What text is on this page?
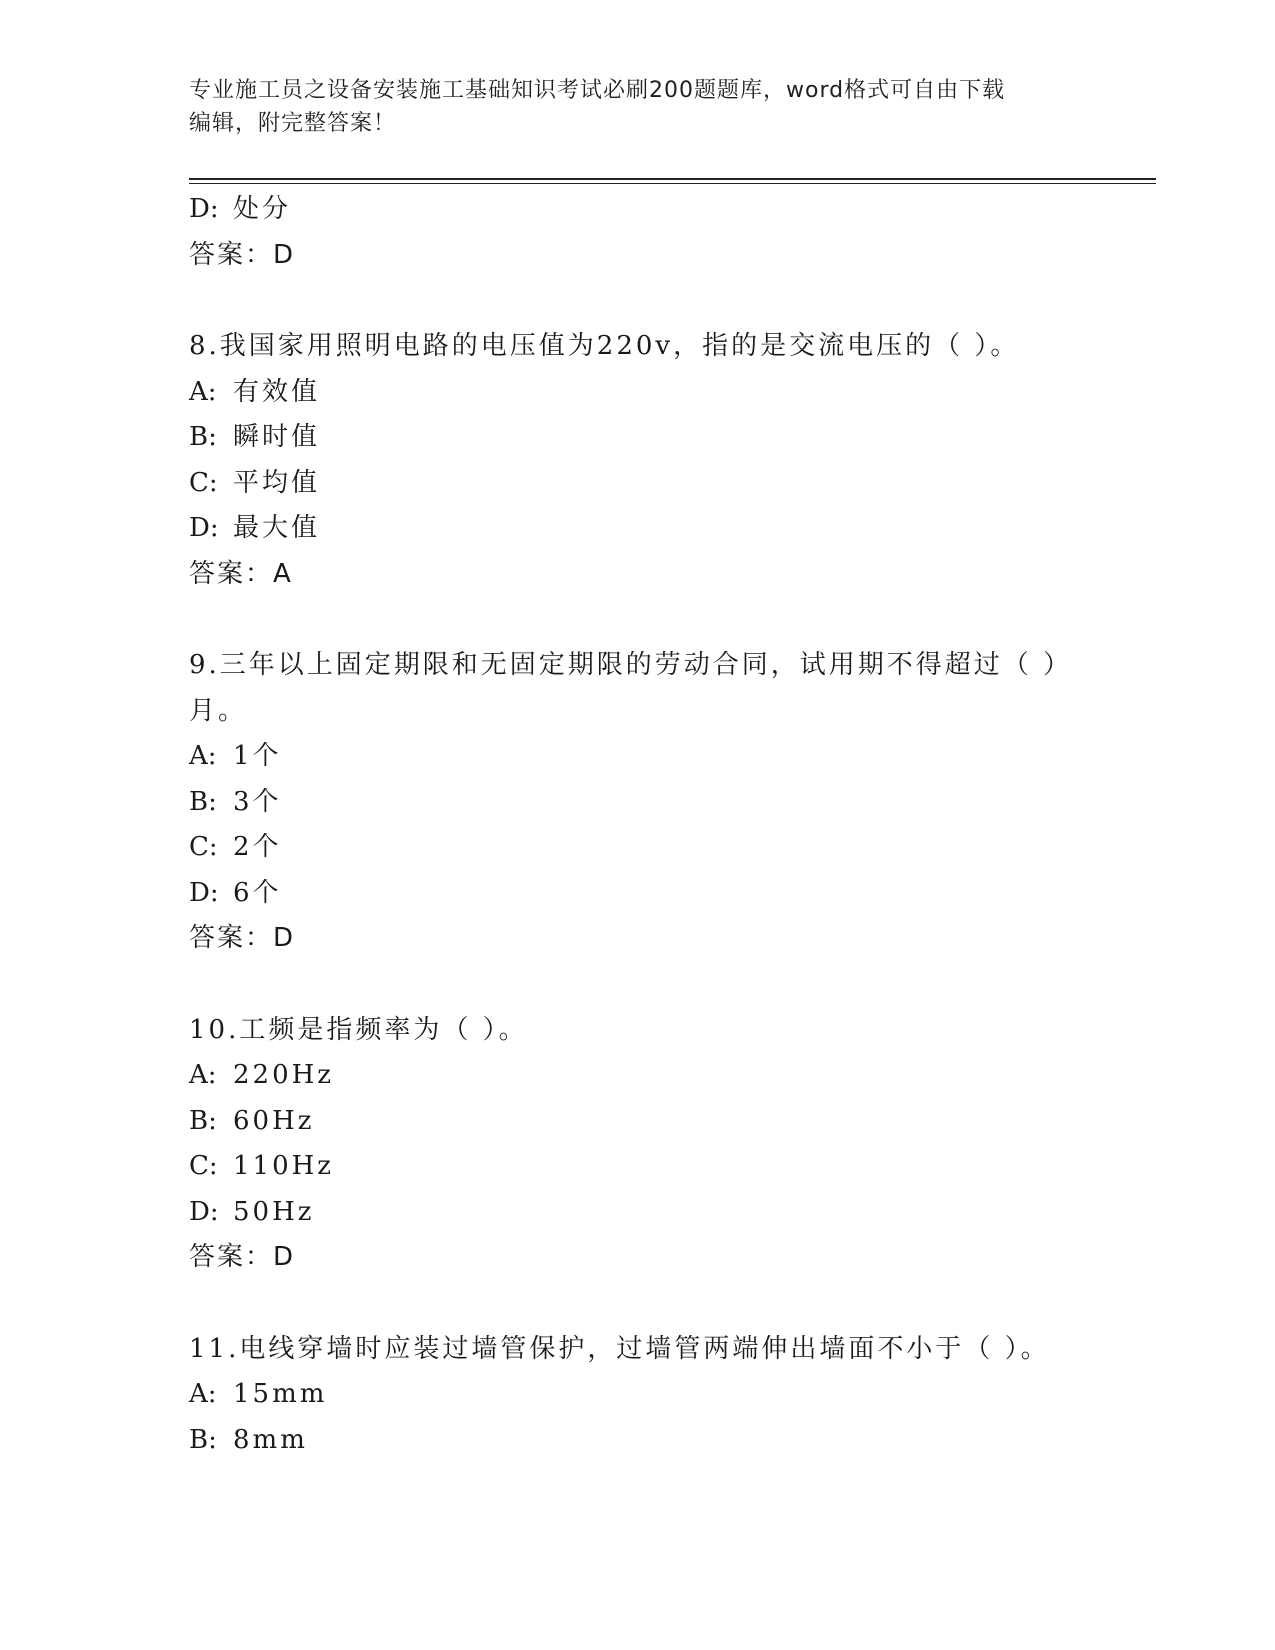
专业施工员之设备安装施工基础知识考试必刷200题题库，word格式可自由下载
编辑，附完整答案！
D: 处分
答案：D
8.我国家用照明电路的电压值为220v，指的是交流电压的（ ）。
A: 有效值
B: 瞬时值
C: 平均值
D: 最大值
答案：A
9.三年以上固定期限和无固定期限的劳动合同，试用期不得超过（ ）
月。
A: 1个
B: 3个
C: 2个
D: 6个
答案：D
10.工频是指频率为（ ）。
A: 220Hz
B: 60Hz
C: 110Hz
D: 50Hz
答案：D
11.电线穿墙时应装过墙管保护，过墙管两端伸出墙面不小于（ ）。
A: 15mm
B: 8mm
